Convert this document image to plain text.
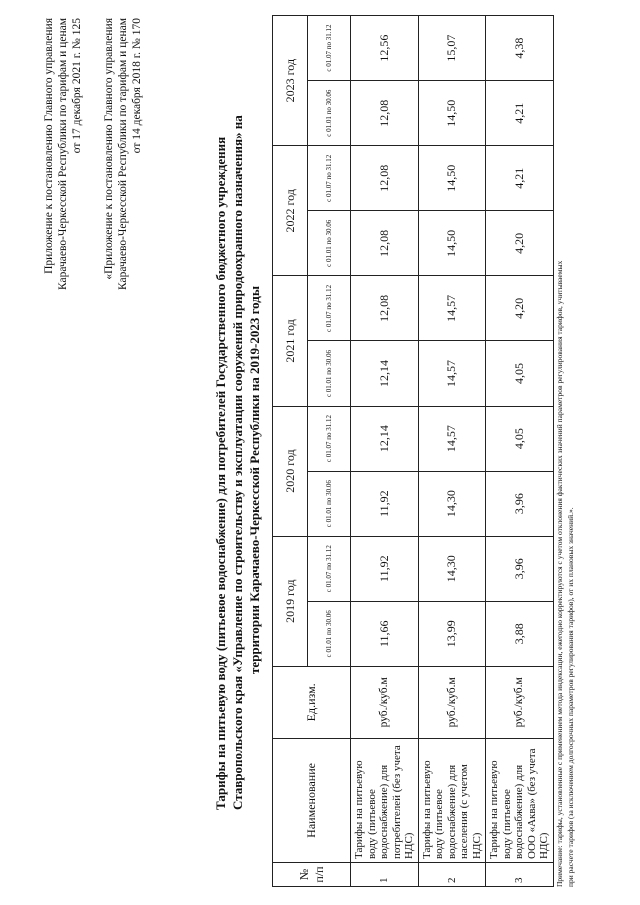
Приложение к постановлению Главного управления Карачаево-Черкесской Республики по тарифам и ценам от 17 декабря 2021 г. № 125 «Приложение к постановлению Главного управления Карачаево-Черкесской Республики по тарифам и ценам от 14 декабря 2018 г. № 170
Тарифы на питьевую воду (питьевое водоснабжение) для потребителей Государственного бюджетного учреждения Ставропольского края «Управление по строительству и эксплуатации сооружений природоохранного назначения» на территории Карачаево-Черкесской Республики на 2019-2023 годы
№ п/п	Наименование	Ед.изм.	2019 год		2020 год		2021 год		2022 год		2023 год	
			с 01.01 по 30.06	с 01.07 по 31.12	с 01.01 по 30.06	с 01.07 по 31.12	с 01.01 по 30.06	с 01.07 по 31.12	с 01.01 по 30.06	с 01.07 по 31.12	с 01.01 по 30.06	с 01.07 по 31.12
1	Тарифы на питьевую воду (питьевое водоснабжение) для потребителей (без учета НДС)	руб./куб.м	11,66	11,92	11,92	12,14	12,14	12,08	12,08	12,08	12,08	12,56
2	Тарифы на питьевую воду (питьевое водоснабжение) для населения (с учетом НДС)	руб./куб.м	13,99	14,30	14,30	14,57	14,57	14,57	14,50	14,50	14,50	15,07
3	Тарифы на питьевую воду (питьевое водоснабжение) для ООО «Аква» (без учета НДС)	руб./куб.м	3,88	3,96	3,96	4,05	4,05	4,20	4,20	4,21	4,21	4,38
Примечание: тарифы, установленные с применением метода индексации, ежегодно корректируются с учетом отклонения фактических значений параметров регулирования тарифов, учитываемых при расчете тарифов (за исключением долгосрочных параметров регулирования тарифов), от их плановых значений.».
